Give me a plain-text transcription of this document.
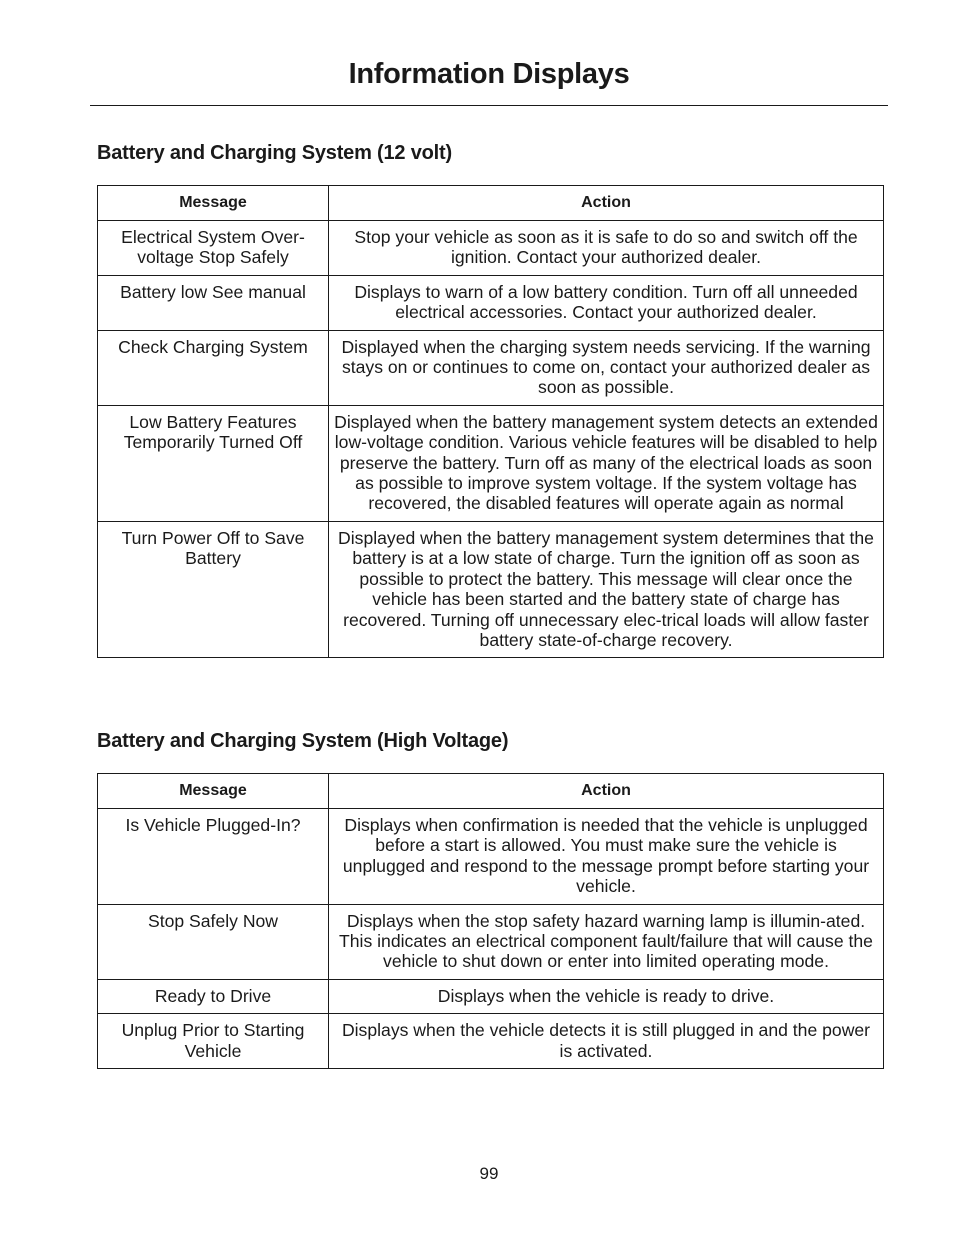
Information Displays
Battery and Charging System (12 volt)
Message	Action
Electrical System Over-voltage Stop Safely	Stop your vehicle as soon as it is safe to do so and switch off the ignition. Contact your authorized dealer.
Battery low See manual	Displays to warn of a low battery condition. Turn off all unneeded electrical accessories. Contact your authorized dealer.
Check Charging System	Displayed when the charging system needs servicing. If the warning stays on or continues to come on, contact your authorized dealer as soon as possible.
Low Battery Features Temporarily Turned Off	Displayed when the battery management system detects an extended low-voltage condition. Various vehicle features will be disabled to help preserve the battery. Turn off as many of the electrical loads as soon as possible to improve system voltage. If the system voltage has recovered, the disabled features will operate again as normal
Turn Power Off to Save Battery	Displayed when the battery management system determines that the battery is at a low state of charge. Turn the ignition off as soon as possible to protect the battery. This message will clear once the vehicle has been started and the battery state of charge has recovered. Turning off unnecessary elec-trical loads will allow faster battery state-of-charge recovery.
Battery and Charging System (High Voltage)
Message	Action
Is Vehicle Plugged-In?	Displays when confirmation is needed that the vehicle is unplugged before a start is allowed. You must make sure the vehicle is unplugged and respond to the message prompt before starting your vehicle.
Stop Safely Now	Displays when the stop safety hazard warning lamp is illumin-ated. This indicates an electrical component fault/failure that will cause the vehicle to shut down or enter into limited operating mode.
Ready to Drive	Displays when the vehicle is ready to drive.
Unplug Prior to Starting Vehicle	Displays when the vehicle detects it is still plugged in and the power is activated.
99
